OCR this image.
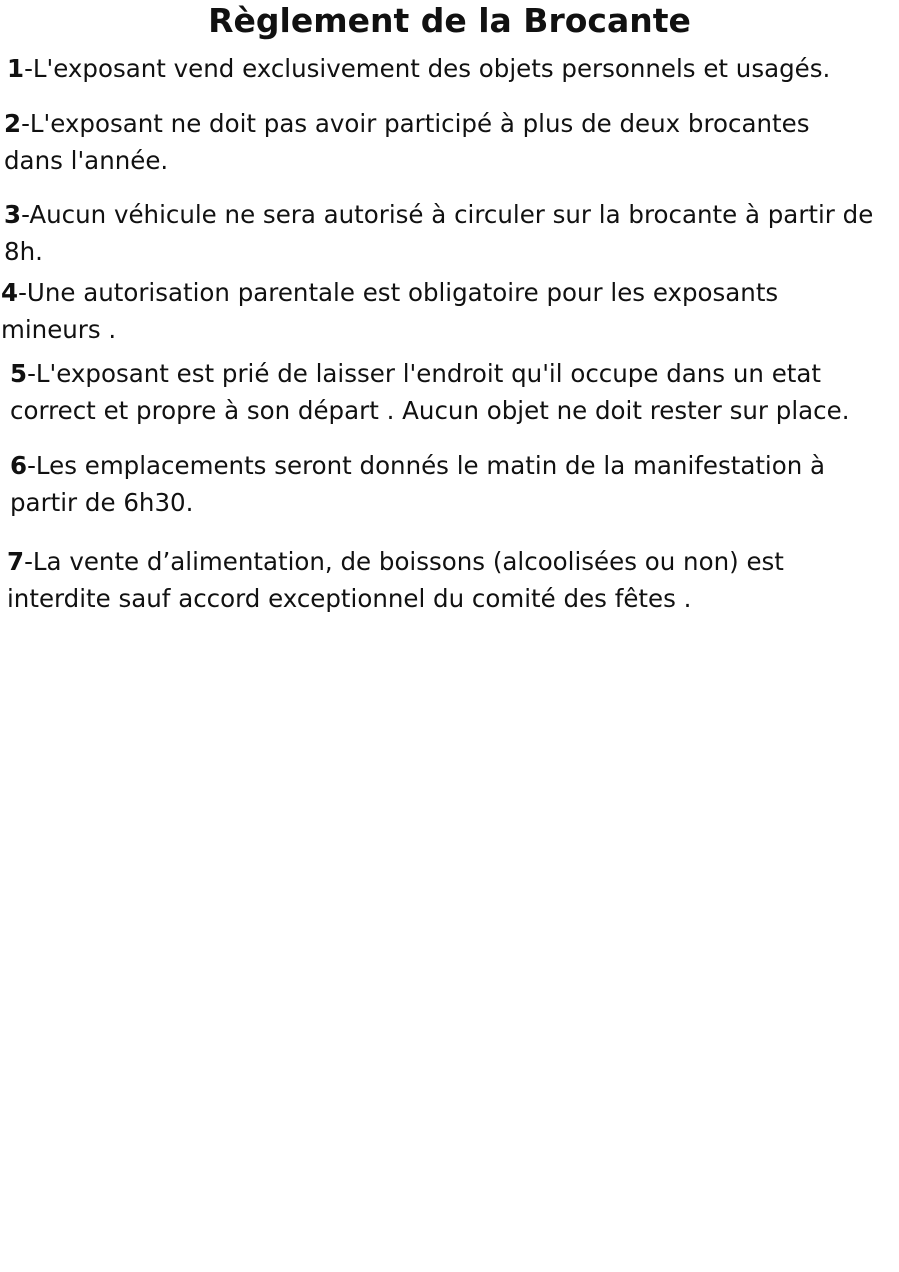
Règlement de la Brocante

1-L'exposant vend exclusivement des objets personnels et usagés.

2-L'exposant ne doit pas avoir participé à plus de deux brocantes
dans l'année.

3-Aucun véhicule ne sera autorisé à circuler sur la brocante à partir de
8h.

4-Une autorisation parentale est obligatoire pour les exposants
mineurs .

5-L'exposant est prié de laisser l'endroit qu'il occupe dans un etat
correct et propre à son départ . Aucun objet ne doit rester sur place.

6-Les emplacements seront donnés le matin de la manifestation à
partir de 6h30.

7-La vente d’alimentation, de boissons (alcoolisées ou non) est
interdite sauf accord exceptionnel du comité des fêtes .
